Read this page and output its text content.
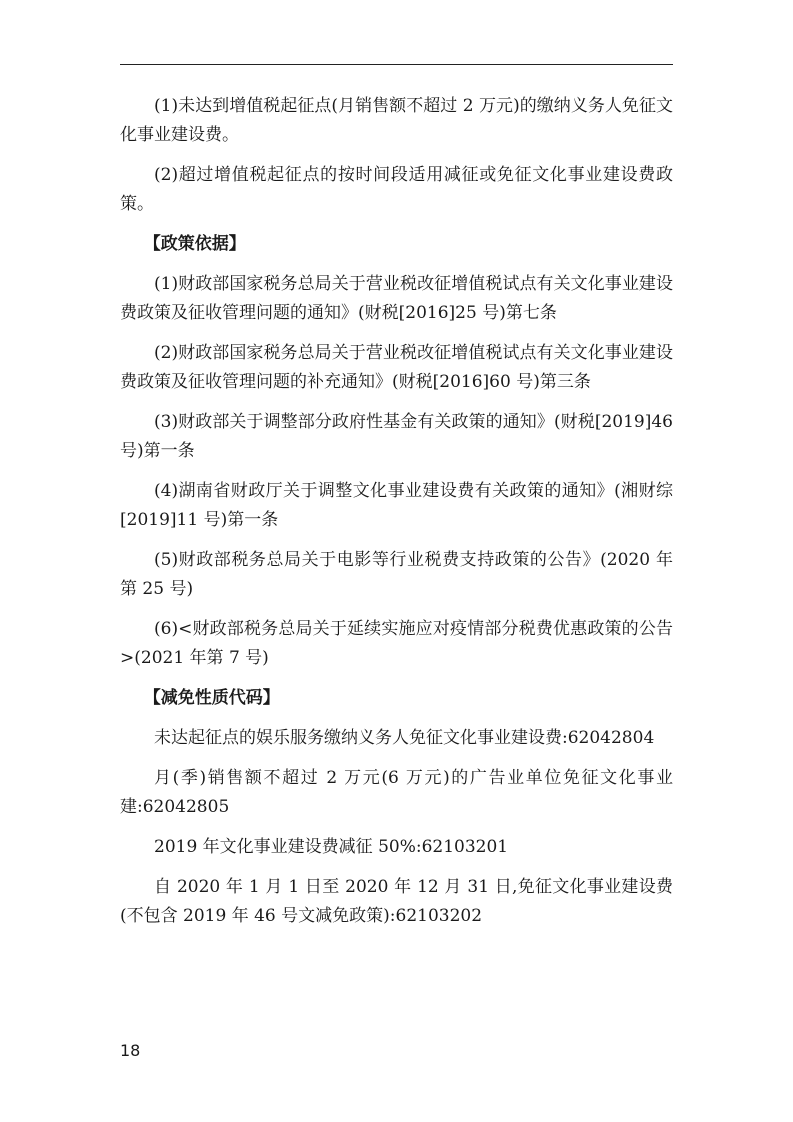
(1)未达到增值税起征点(月销售额不超过 2 万元)的缴纳义务人免征文化事业建设费。

(2)超过增值税起征点的按时间段适用减征或免征文化事业建设费政策。

【政策依据】

(1)财政部国家税务总局关于营业税改征增值税试点有关文化事业建设费政策及征收管理问题的通知》(财税[2016]25 号)第七条

(2)财政部国家税务总局关于营业税改征增值税试点有关文化事业建设费政策及征收管理问题的补充通知》(财税[2016]60 号)第三条

(3)财政部关于调整部分政府性基金有关政策的通知》(财税[2019]46 号)第一条

(4)湖南省财政厅关于调整文化事业建设费有关政策的通知》(湘财综[2019]11 号)第一条

(5)财政部税务总局关于电影等行业税费支持政策的公告》(2020 年第 25 号)

(6)<财政部税务总局关于延续实施应对疫情部分税费优惠政策的公告>(2021 年第 7 号)

【减免性质代码】

未达起征点的娱乐服务缴纳义务人免征文化事业建设费:62042804

月(季)销售额不超过 2 万元(6 万元)的广告业单位免征文化事业建:62042805

2019 年文化事业建设费减征 50%:62103201

自 2020 年 1 月 1 日至 2020 年 12 月 31 日,免征文化事业建设费(不包含 2019 年 46 号文减免政策):62103202

18
